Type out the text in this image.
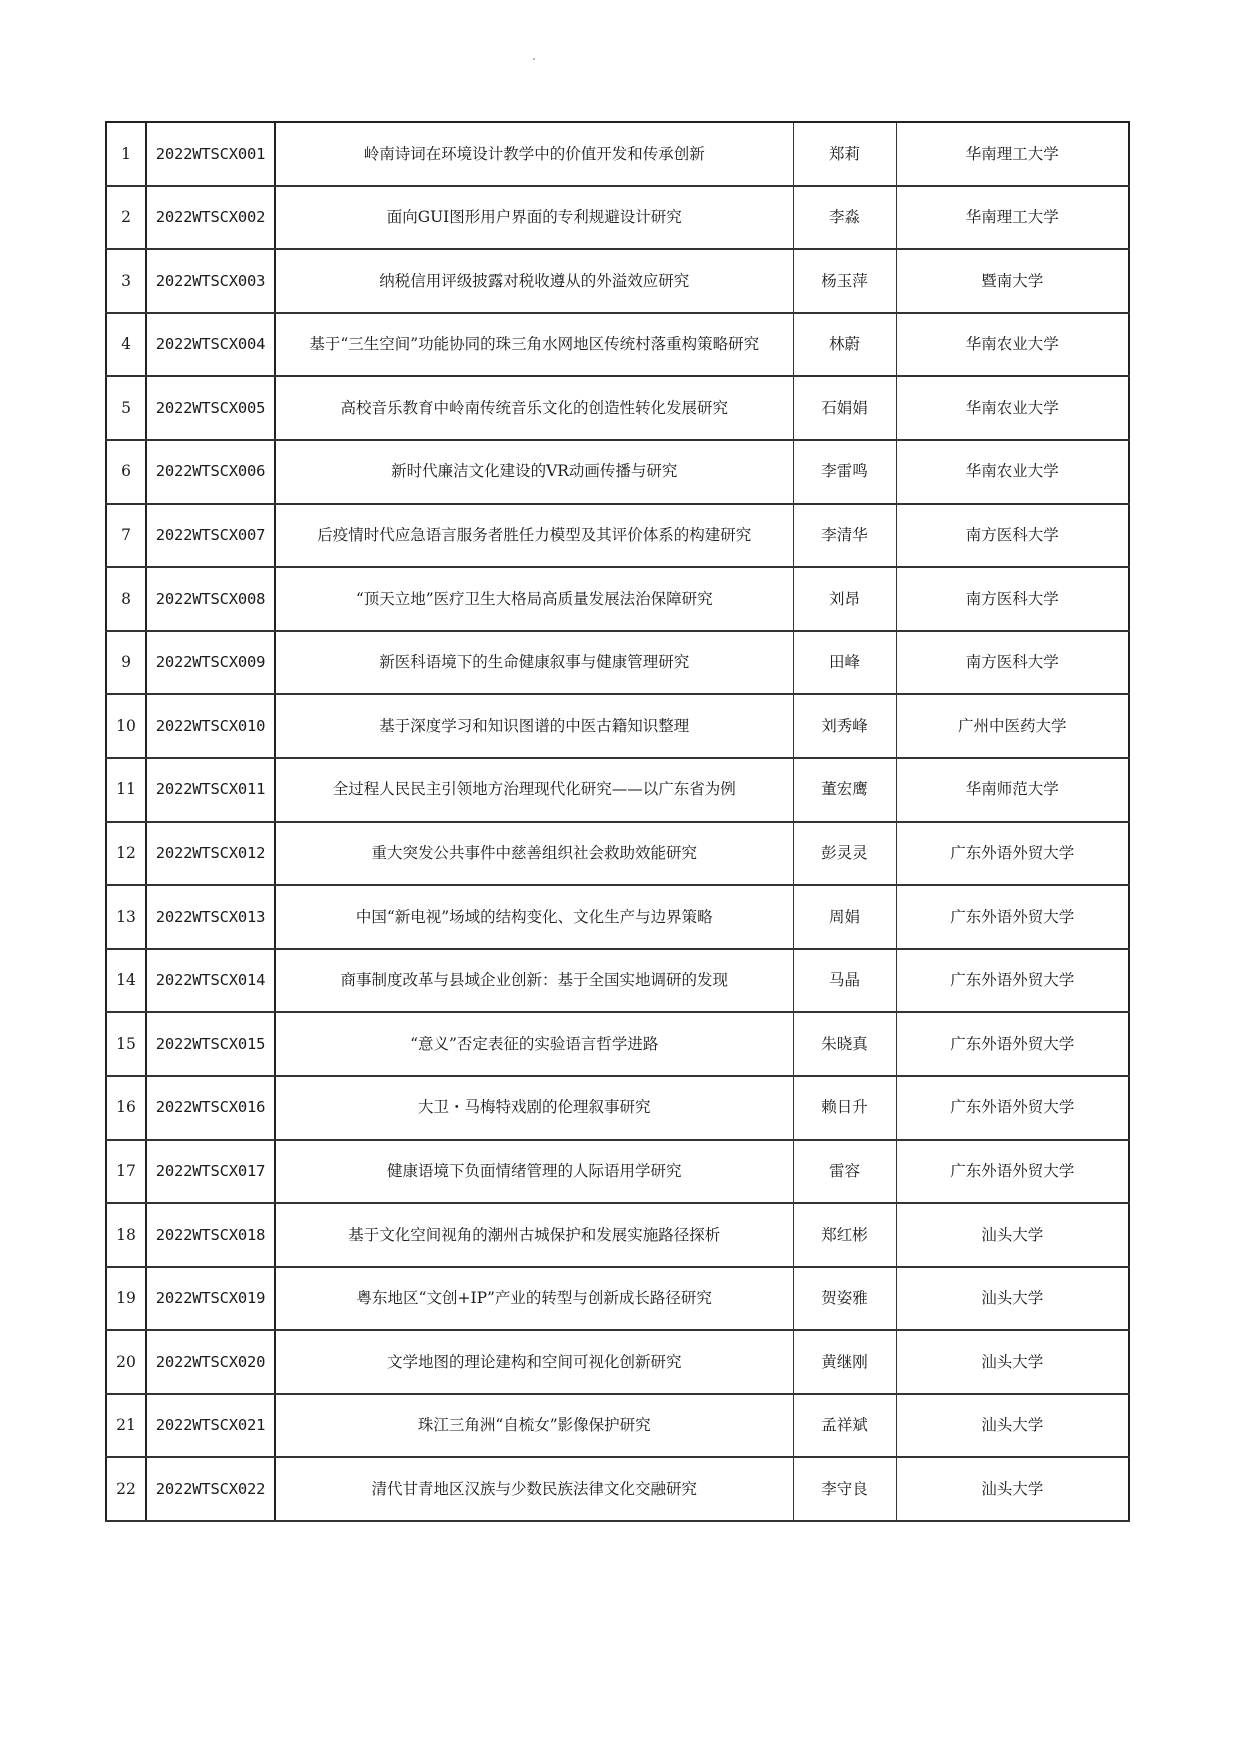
1	2022WTSCX001	岭南诗词在环境设计教学中的价值开发和传承创新	郑莉	华南理工大学
2	2022WTSCX002	面向GUI图形用户界面的专利规避设计研究	李淼	华南理工大学
3	2022WTSCX003	纳税信用评级披露对税收遵从的外溢效应研究	杨玉萍	暨南大学
4	2022WTSCX004	基于“三生空间”功能协同的珠三角水网地区传统村落重构策略研究	林蔚	华南农业大学
5	2022WTSCX005	高校音乐教育中岭南传统音乐文化的创造性转化发展研究	石娟娟	华南农业大学
6	2022WTSCX006	新时代廉洁文化建设的VR动画传播与研究	李雷鸣	华南农业大学
7	2022WTSCX007	后疫情时代应急语言服务者胜任力模型及其评价体系的构建研究	李清华	南方医科大学
8	2022WTSCX008	“顶天立地”医疗卫生大格局高质量发展法治保障研究	刘昂	南方医科大学
9	2022WTSCX009	新医科语境下的生命健康叙事与健康管理研究	田峰	南方医科大学
10	2022WTSCX010	基于深度学习和知识图谱的中医古籍知识整理	刘秀峰	广州中医药大学
11	2022WTSCX011	全过程人民民主引领地方治理现代化研究——以广东省为例	董宏鹰	华南师范大学
12	2022WTSCX012	重大突发公共事件中慈善组织社会救助效能研究	彭灵灵	广东外语外贸大学
13	2022WTSCX013	中国“新电视”场域的结构变化、文化生产与边界策略	周娟	广东外语外贸大学
14	2022WTSCX014	商事制度改革与县域企业创新：基于全国实地调研的发现	马晶	广东外语外贸大学
15	2022WTSCX015	“意义”否定表征的实验语言哲学进路	朱晓真	广东外语外贸大学
16	2022WTSCX016	大卫・马梅特戏剧的伦理叙事研究	赖日升	广东外语外贸大学
17	2022WTSCX017	健康语境下负面情绪管理的人际语用学研究	雷容	广东外语外贸大学
18	2022WTSCX018	基于文化空间视角的潮州古城保护和发展实施路径探析	郑红彬	汕头大学
19	2022WTSCX019	粤东地区“文创+IP”产业的转型与创新成长路径研究	贺姿雅	汕头大学
20	2022WTSCX020	文学地图的理论建构和空间可视化创新研究	黄继刚	汕头大学
21	2022WTSCX021	珠江三角洲“自梳女”影像保护研究	孟祥斌	汕头大学
22	2022WTSCX022	清代甘青地区汉族与少数民族法律文化交融研究	李守良	汕头大学
